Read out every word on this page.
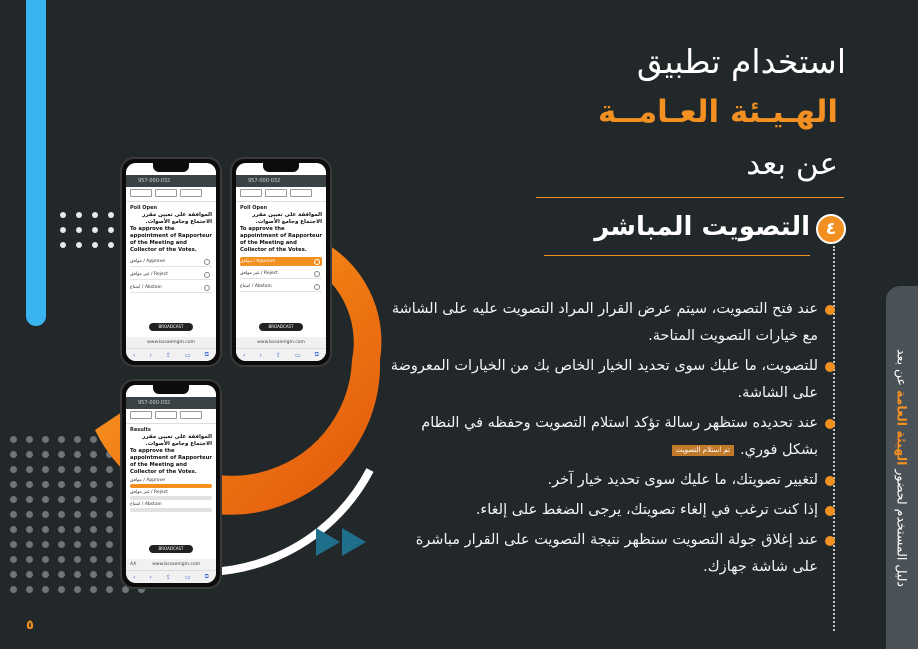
957-000-032
Poll Open
الموافقة على تعيين مقرر الاجتماع وجامع الأصوات.
To approve the appointment of Rapporteur of the Meeting and Collector of the Votes.
موافق / Approve
غير موافق / Reject
امتناع / Abstain
BROADCAST
www.bssaemgm.com
‹ › ⇪ ▭ ⧉
957-000-032
Poll Open
الموافقة على تعيين مقرر الاجتماع وجامع الأصوات.
To approve the appointment of Rapporteur of the Meeting and Collector of the Votes.
موافق / Approve
غير موافق / Reject
امتناع / Abstain
BROADCAST
www.bssaemgm.com
‹ › ⇪ ▭ ⧉
957-000-032
Results
الموافقة على تعيين مقرر الاجتماع وجامع الأصوات.
To approve the appointment of Rapporteur of the Meeting and Collector of the Votes.
موافق / Approve
غير موافق / Reject
امتناع / Abstain
BROADCAST
AA	www.bssaemgm.com
‹ › ⇪ ▭ ⧉
٥
استخدام تطبيق
الهـيـئة العـامــة
عن بعد
٤
التصويت المباشر
عند فتح التصويت، سيتم عرض القرار المراد التصويت عليه على الشاشة مع خيارات التصويت المتاحة.
للتصويت، ما عليك سوى تحديد الخيار الخاص بك من الخيارات المعروضة على الشاشة.
عند تحديده ستظهر رسالة تؤكد استلام التصويت وحفظه في النظام بشكل فوري.تم استلام التصويت
لتغيير تصويتك، ما عليك سوى تحديد خيار آخر.
إذا كنت ترغب في إلغاء تصويتك، يرجى الضغط على إلغاء.
عند إغلاق جولة التصويت ستظهر نتيجة التصويت على القرار مباشرة على شاشة جهازك.	دليل المستخدم لحضور الهيئة العامة عن بعد
